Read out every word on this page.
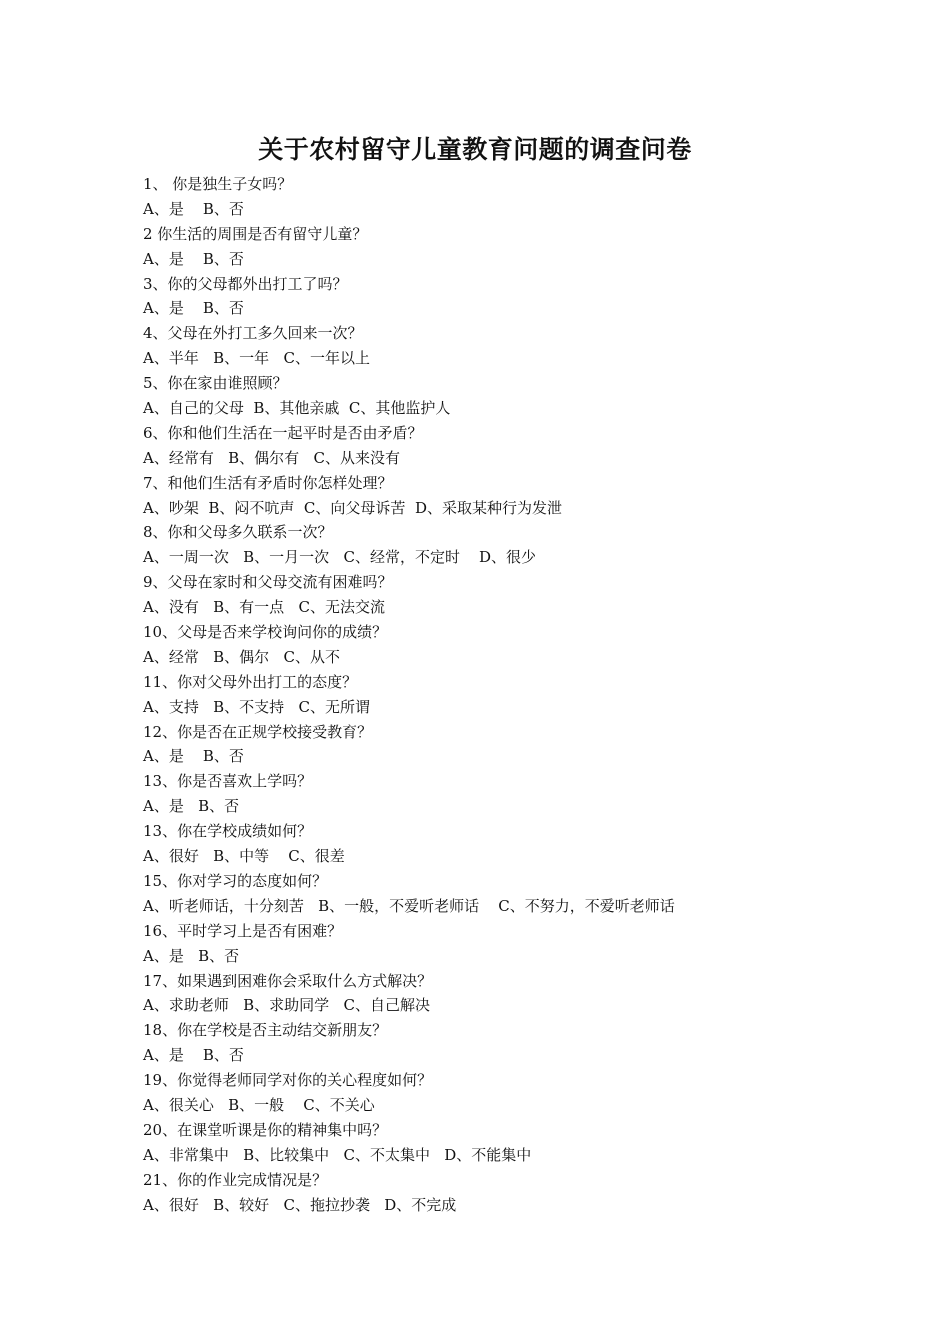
关于农村留守儿童教育问题的调查问卷
1、 你是独生子女吗？
A、是    B、否
2 你生活的周围是否有留守儿童？
A、是    B、否
3、你的父母都外出打工了吗？
A、是    B、否
4、父母在外打工多久回来一次？
A、半年   B、一年   C、一年以上
5、你在家由谁照顾？
A、自己的父母  B、其他亲戚  C、其他监护人
6、你和他们生活在一起平时是否由矛盾？
A、经常有   B、偶尔有   C、从来没有
7、和他们生活有矛盾时你怎样处理？
A、吵架  B、闷不吭声  C、向父母诉苦  D、采取某种行为发泄
8、你和父母多久联系一次？
A、一周一次   B、一月一次   C、经常，不定时    D、很少
9、父母在家时和父母交流有困难吗？
A、没有   B、有一点   C、无法交流
10、父母是否来学校询问你的成绩？
A、经常   B、偶尔   C、从不
11、你对父母外出打工的态度？
A、支持   B、不支持   C、无所谓
12、你是否在正规学校接受教育？
A、是    B、否
13、你是否喜欢上学吗？
A、是   B、否
13、你在学校成绩如何？
A、很好   B、中等    C、很差
15、你对学习的态度如何？
A、听老师话，十分刻苦   B、一般，不爱听老师话    C、不努力，不爱听老师话
16、平时学习上是否有困难？
A、是   B、否
17、如果遇到困难你会采取什么方式解决？
A、求助老师   B、求助同学   C、自己解决
18、你在学校是否主动结交新朋友？
A、是    B、否
19、你觉得老师同学对你的关心程度如何？
A、很关心   B、一般    C、不关心
20、在课堂听课是你的精神集中吗？
A、非常集中   B、比较集中   C、不太集中   D、不能集中
21、你的作业完成情况是？
A、很好   B、较好   C、拖拉抄袭   D、不完成
